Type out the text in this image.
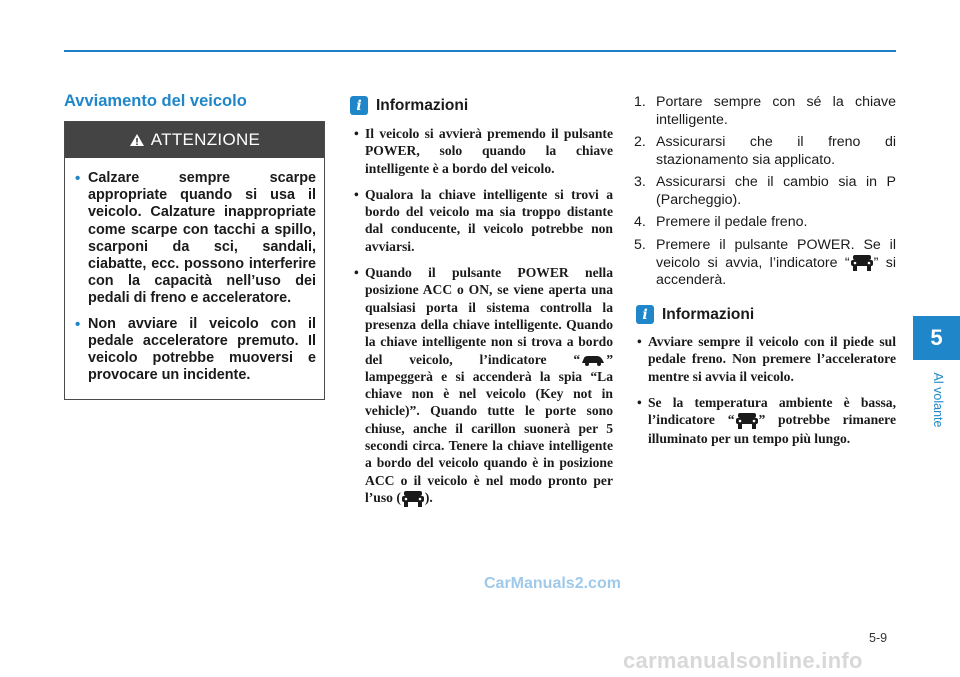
Avviamento del veicolo
ATTENZIONE
• Calzare sempre scarpe appropriate quando si usa il veicolo. Calzature inappropriate come scarpe con tacchi a spillo, scarponi da sci, sandali, ciabatte, ecc. possono interferire con la capacità nell’uso dei pedali di freno e acceleratore.
• Non avviare il veicolo con il pedale acceleratore premuto. Il veicolo potrebbe muoversi e provocare un incidente.
i Informazioni
• Il veicolo si avvierà premendo il pulsante POWER, solo quando la chiave intelligente è a bordo del veicolo.
• Qualora la chiave intelligente si trovi a bordo del veicolo ma sia troppo distante dal conducente, il veicolo potrebbe non avviarsi.
• Quando il pulsante POWER nella posizione ACC o ON, se viene aperta una qualsiasi porta il sistema controlla la presenza della chiave intelligente. Quando la chiave intelligente non si trova a bordo del veicolo, l’indicatore “ ” lampeggerà e si accenderà la spia “La chiave non è nel veicolo (Key not in vehicle)”. Quando tutte le porte sono chiuse, anche il carillon suonerà per 5 secondi circa. Tenere la chiave intelligente a bordo del veicolo quando è in posizione ACC o il veicolo è nel modo pronto per l’uso ( ).
1. Portare sempre con sé la chiave intelligente.
2. Assicurarsi che il freno di stazionamento sia applicato.
3. Assicurarsi che il cambio sia in P (Parcheggio).
4. Premere il pedale freno.
5. Premere il pulsante POWER. Se il veicolo si avvia, l’indicatore “ ” si accenderà.
i Informazioni
• Avviare sempre il veicolo con il piede sul pedale freno. Non premere l’acceleratore mentre si avvia il veicolo.
• Se la temperatura ambiente è bassa, l’indicatore “ ” potrebbe rimanere illuminato per un tempo più lungo.
5
Al volante
5-9
CarManuals2.com
carmanualsonline.info
